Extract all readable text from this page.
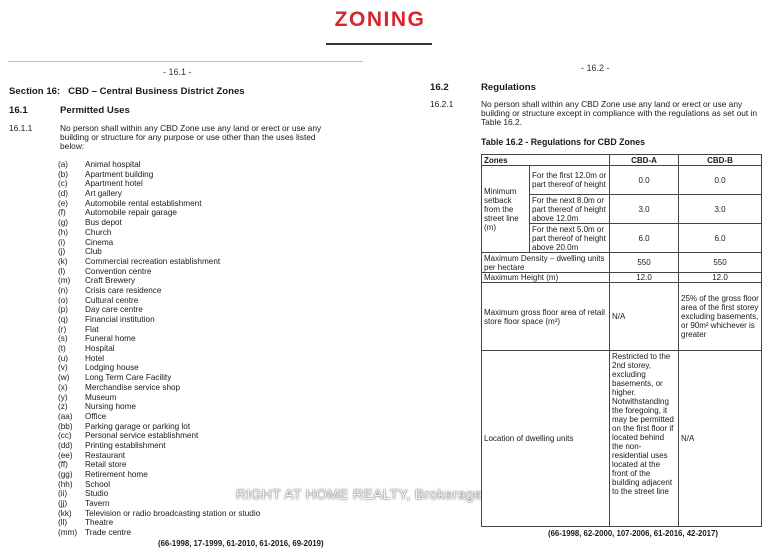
ZONING
- 16.1 -
Section 16:   CBD – Central Business District Zones
16.1	Permitted Uses
16.1.1	No person shall within any CBD Zone use any land or erect or use any building or structure for any purpose or use other than the uses listed below:
(a) Animal hospital
(b) Apartment building
(c) Apartment hotel
(d) Art gallery
(e) Automobile rental establishment
(f) Automobile repair garage
(g) Bus depot
(h) Church
(i) Cinema
(j) Club
(k) Commercial recreation establishment
(l) Convention centre
(m) Craft Brewery
(n) Crisis care residence
(o) Cultural centre
(p) Day care centre
(q) Financial institution
(r) Flat
(s) Funeral home
(t) Hospital
(u) Hotel
(v) Lodging house
(w) Long Term Care Facility
(x) Merchandise service shop
(y) Museum
(z) Nursing home
(aa) Office
(bb) Parking garage or parking lot
(cc) Personal service establishment
(dd) Printing establishment
(ee) Restaurant
(ff) Retail store
(gg) Retirement home
(hh) School
(ii) Studio
(jj) Tavern
(kk) Television or radio broadcasting station or studio
(ll) Theatre
(mm) Trade centre
(66-1998, 17-1999, 61-2010, 61-2016, 69-2019)
- 16.2 -
16.2	Regulations
16.2.1	No person shall within any CBD Zone use any land or erect or use any building or structure except in compliance with the regulations as set out in Table 16.2.
Table 16.2 - Regulations for CBD Zones
Zones		CBD-A	CBD-B
Minimum setback from the street line (m)	For the first 12.0m or part thereof of height	0.0	0.0
	For the next 8.0m or part thereof of height above 12.0m	3.0	3.0
	For the next 5.0m or part thereof of height above 20.0m	6.0	6.0
Maximum Density – dwelling units per hectare		550	550
Maximum Height (m)		12.0	12.0
Maximum gross floor area of retail store floor space (m²)		N/A	25% of the gross floor area of the first storey excluding basements, or 90m² whichever is greater
Location of dwelling units		Restricted to the 2nd storey, excluding basements, or higher. Notwithstanding the foregoing, it may be permitted on the first floor if located behind the non-residential uses located at the front of the building adjacent to the street line	N/A
(66-1998, 62-2000, 107-2006, 61-2016, 42-2017)
RIGHT AT HOME REALTY, Brokerage
